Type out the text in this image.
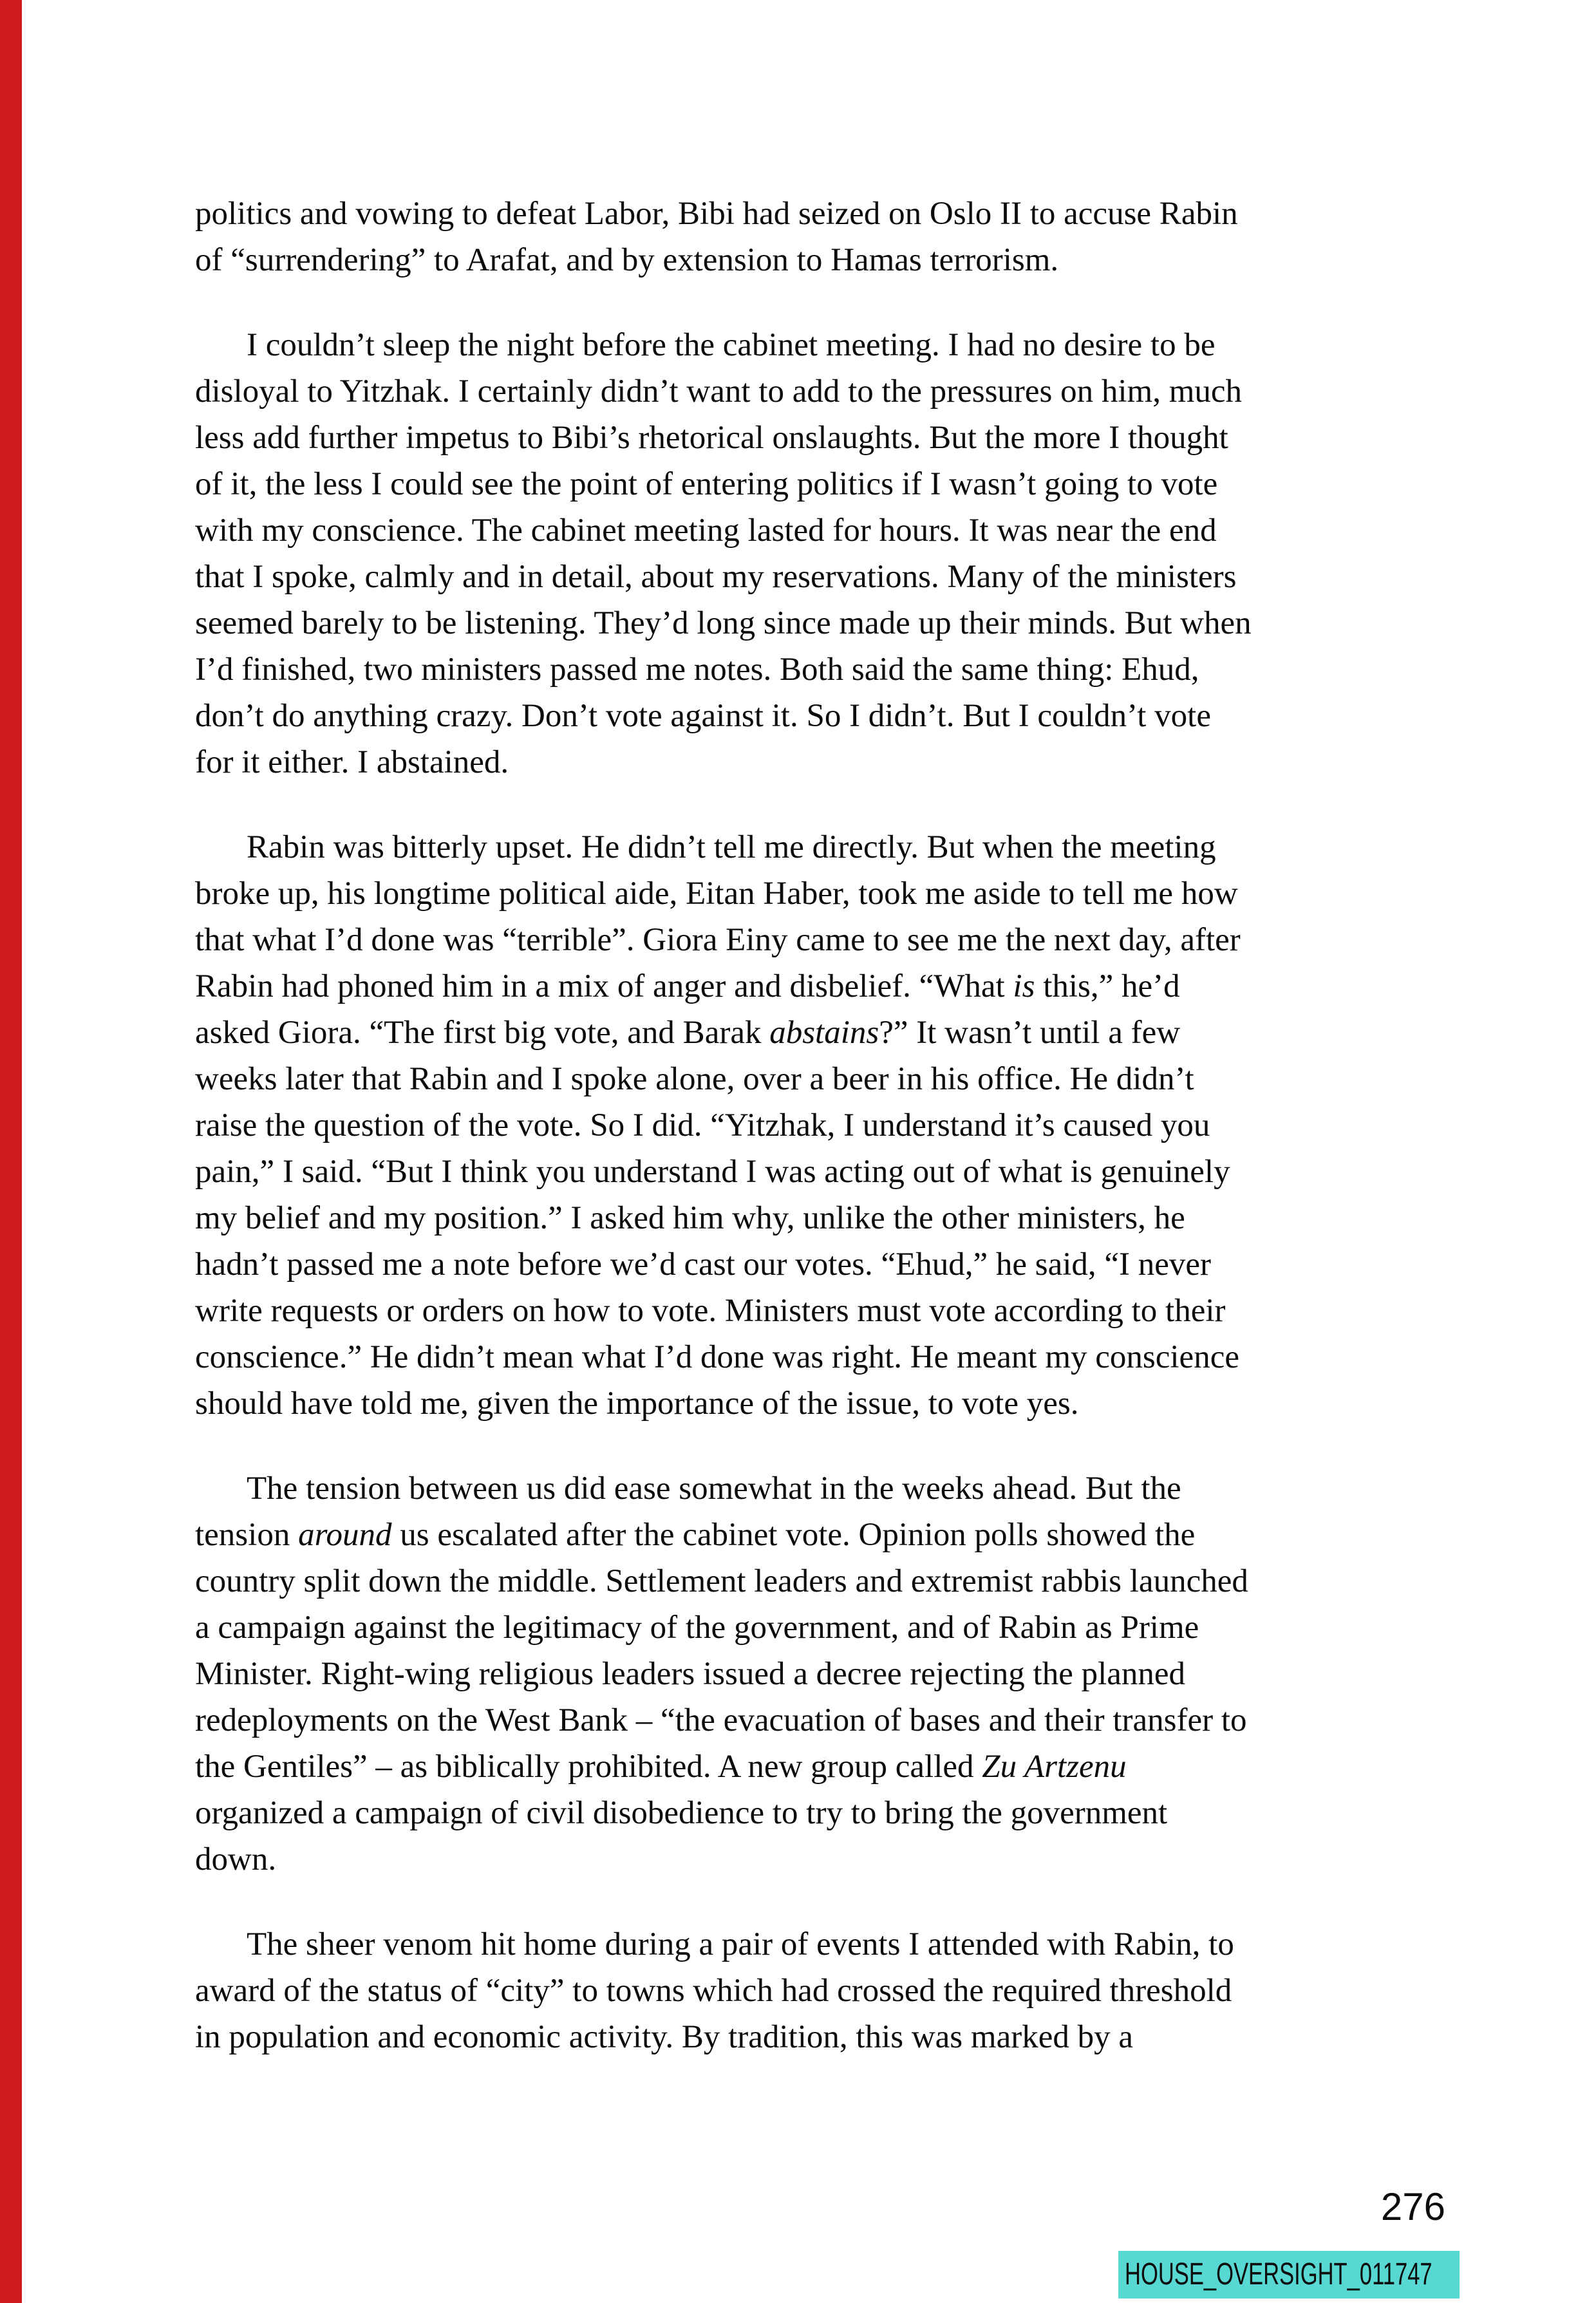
politics and vowing to defeat Labor, Bibi had seized on Oslo II to accuse Rabin
of “surrendering” to Arafat, and by extension to Hamas terrorism.
I couldn’t sleep the night before the cabinet meeting. I had no desire to be
disloyal to Yitzhak. I certainly didn’t want to add to the pressures on him, much
less add further impetus to Bibi’s rhetorical onslaughts. But the more I thought
of it, the less I could see the point of entering politics if I wasn’t going to vote
with my conscience. The cabinet meeting lasted for hours. It was near the end
that I spoke, calmly and in detail, about my reservations. Many of the ministers
seemed barely to be listening. They’d long since made up their minds. But when
I’d finished, two ministers passed me notes. Both said the same thing: Ehud,
don’t do anything crazy. Don’t vote against it. So I didn’t. But I couldn’t vote
for it either. I abstained.
Rabin was bitterly upset. He didn’t tell me directly. But when the meeting
broke up, his longtime political aide, Eitan Haber, took me aside to tell me how
that what I’d done was “terrible”. Giora Einy came to see me the next day, after
Rabin had phoned him in a mix of anger and disbelief. “What is this,” he’d
asked Giora. “The first big vote, and Barak abstains?” It wasn’t until a few
weeks later that Rabin and I spoke alone, over a beer in his office. He didn’t
raise the question of the vote. So I did. “Yitzhak, I understand it’s caused you
pain,” I said. “But I think you understand I was acting out of what is genuinely
my belief and my position.” I asked him why, unlike the other ministers, he
hadn’t passed me a note before we’d cast our votes. “Ehud,” he said, “I never
write requests or orders on how to vote. Ministers must vote according to their
conscience.” He didn’t mean what I’d done was right. He meant my conscience
should have told me, given the importance of the issue, to vote yes.
The tension between us did ease somewhat in the weeks ahead. But the
tension around us escalated after the cabinet vote. Opinion polls showed the
country split down the middle. Settlement leaders and extremist rabbis launched
a campaign against the legitimacy of the government, and of Rabin as Prime
Minister. Right-wing religious leaders issued a decree rejecting the planned
redeployments on the West Bank – “the evacuation of bases and their transfer to
the Gentiles” – as biblically prohibited. A new group called Zu Artzenu
organized a campaign of civil disobedience to try to bring the government
down.
The sheer venom hit home during a pair of events I attended with Rabin, to
award of the status of “city” to towns which had crossed the required threshold
in population and economic activity. By tradition, this was marked by a
276
HOUSE_OVERSIGHT_011747
